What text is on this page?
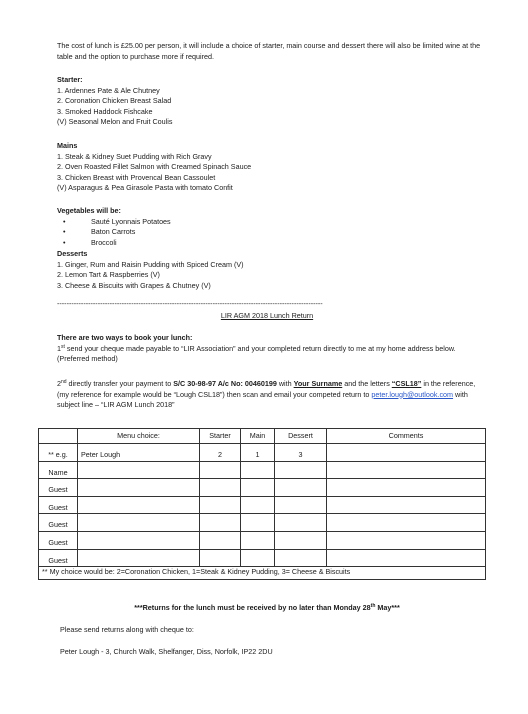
The cost of lunch is £25.00 per person, it will include a choice of starter, main course and dessert there will also be limited wine at the table and the option to purchase more if required.

Starter:

1. Ardennes Pate & Ale Chutney

2. Coronation Chicken Breast Salad

3. Smoked Haddock Fishcake

(V) Seasonal Melon and Fruit Coulis

Mains

1. Steak & Kidney Suet Pudding with Rich Gravy

2. Oven Roasted Fillet Salmon with Creamed Spinach Sauce

3. Chicken Breast with Provencal Bean Cassoulet

(V) Asparagus & Pea Girasole Pasta with tomato Confit

Vegetables will be:

• Sauté Lyonnais Potatoes

• Baton Carrots

• Broccoli

Desserts

1. Ginger, Rum and Raisin Pudding with Spiced Cream (V)

2. Lemon Tart & Raspberries (V)

3. Cheese & Biscuits with Grapes & Chutney (V)

---------------------------------------------------------------------------------------------------------------
LIR AGM 2018 Lunch Return

There are two ways to book your lunch:

1st send your cheque made payable to “LIR Association” and your completed return directly to me at my home address below. (Preferred method)

2nd directly transfer your payment to S/C 30-98-97 A/c No: 00460199 with Your Surname and the letters “CSL18” in the reference, (my reference for example would be “Lough CSL18”) then scan and email your competed return to peter.lough@outlook.com with subject line – “LIR AGM Lunch 2018”

	Menu choice:	Starter	Main	Dessert	Comments
** e.g.	Peter Lough	2	1	3	
Name					
Guest					
Guest					
Guest					
Guest					
Guest					
** My choice would be: 2=Coronation Chicken, 1=Steak & Kidney Pudding, 3= Cheese & Biscuits					
***Returns for the lunch must be received by no later than Monday 28th May***
Please send returns along with cheque to:
Peter Lough - 3, Church Walk, Shelfanger, Diss, Norfolk, IP22 2DU
